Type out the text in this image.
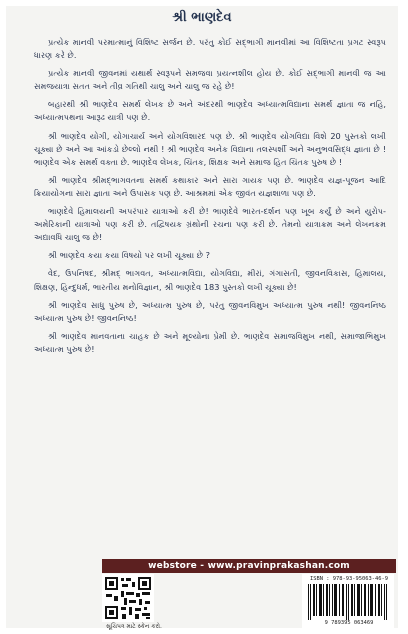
શ્રી ભાણદેવ

પ્રત્યેક માનવી પરમાત્માનું વિશિષ્ટ સર્જન છે. પરંતુ કોઈ સદ્ભાગી માનવીમાં આ વિશિષ્ટતા પ્રગટ સ્વરૂપ ધારણ કરે છે.

પ્રત્યેક માનવી જીવનમાં યથાર્થ સ્વરૂપને સમજવા પ્રયત્નશીલ હોય છે. કોઈ સદ્ભાગી માનવી જ આ સમજયાત્રા સતત અને તીવ્ર ગતિથી ચાલુ અને ચાલુ જ રહે છે!

બહારથી શ્રી ભાણદેવ સમર્થ લેખક છે અને અંદરથી ભાણદેવ અધ્યાત્મવિદ્યાના સમર્થ જ્ઞાતા જ નહિ, અધ્યાત્મપથના આરૂઢ યાત્રી પણ છે.

શ્રી ભાણદેવ યોગી, યોગાચાર્ય અને યોગવિશારદ પણ છે. શ્રી ભાણદેવ યોગવિદ્યા વિશે 20 પુસ્તકો લખી ચૂક્યા છે અને આ આંકડો છેલ્લો નથી ! શ્રી ભાણદેવ અનેક વિદ્યાના તલસ્પર્શી અને અનુભવસિદ્ધ જ્ઞાતા છે ! ભાણદેવ એક સમર્થ વક્તા છે. ભાણદેવ લેખક, ચિંતક, શિક્ષક અને સમાજ હિત ચિંતક પુરુષ છે !

શ્રી ભાણદેવ શ્રીમદ્ભાગવતના સમર્થ કથાકાર અને સારા ગાયક પણ છે. ભાણદેવ યજ્ઞ-પૂજન આદિ ક્રિયાયોગના સારા જ્ઞાતા અને ઉપાસક પણ છે. આશ્રમમાં એક જીવંત યજ્ઞશાળા પણ છે.

ભાણદેવે હિમાલયની અપરંપાર યાત્રાઓ કરી છે! ભાણદેવે ભારત-દર્શન પણ ખૂબ કર્યું છે અને યુરોપ-અમેરિકાની યાત્રાઓ પણ કરી છે. તદ્વિષયક ગ્રંથોની રચના પણ કરી છે. તેમનો યાત્રાક્રમ અને લેખનક્રમ અદ્યાવધિ ચાલુ જ છે!

શ્રી ભાણદેવ કયા કયા વિષયો પર લખી ચૂક્યા છે ?

વેદ, ઉપનિષદ, શ્રીમદ્ ભાગવત, અધ્યાત્મવિદ્યા, યોગવિદ્યા, મીરાં, ગંગાસતી, જીવનવિકાસ, હિમાલય, શિક્ષણ, હિન્દુધર્મ, ભારતીય મનોવિજ્ઞાન, શ્રી ભાણદેવ 183 પુસ્તકો લખી ચૂક્યા છે!

શ્રી ભાણદેવ સાધુ પુરુષ છે, અધ્યાત્મ પુરુષ છે, પરંતુ જીવનવિમુખ અધ્યાત્મ પુરુષ નથી! જીવનનિષ્ઠ અધ્યાત્મ પુરુષ છે! જીવનનિષ્ઠ!

શ્રી ભાણદેવ માનવતાના ચાહક છે અને મૂલ્યોના પ્રેમી છે. ભાણદેવ સમાજવિમુખ નથી, સમાજાભિમુખ અધ્યાત્મ પુરુષ છે!

webstore - www.pravinprakashan.com
સૂચિપત્ર માટે સ્કેન કરો.
ISBN : 978-93-95063-46-9
9 789395 063469
